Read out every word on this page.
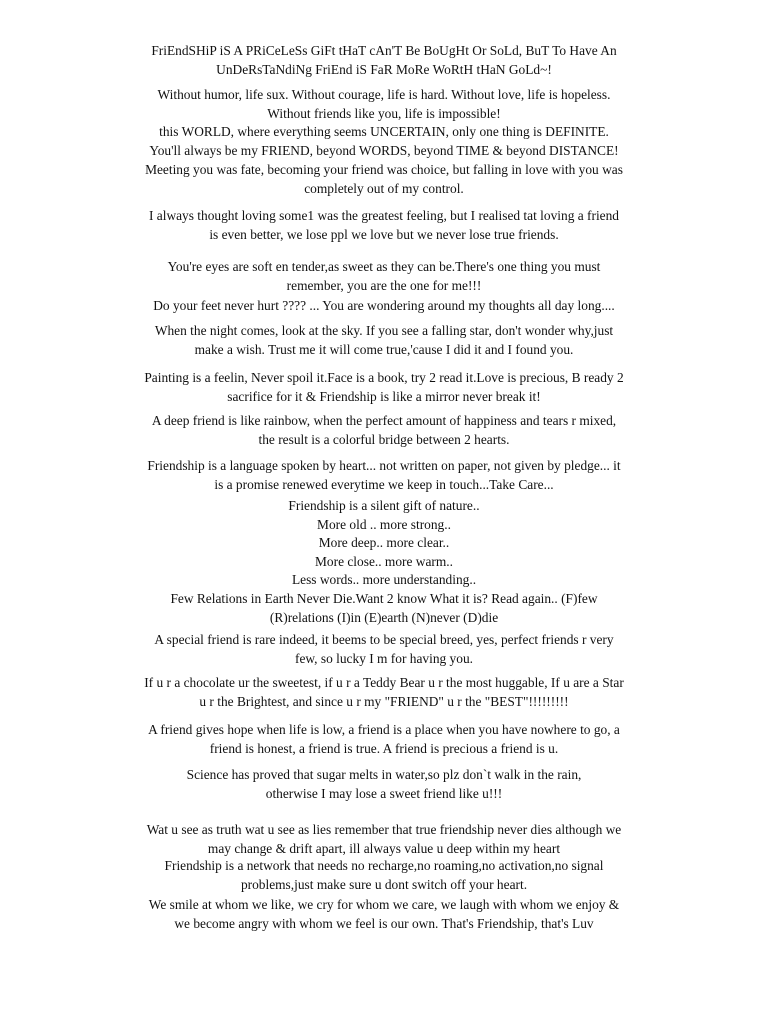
FriEndSHiP iS A PRiCeLeSs GiFt tHaT cAn'T Be BoUgHt Or SoLd, BuT To Have An
UnDeRsTaNdiNg FriEnd iS FaR MoRe WoRtH tHaN GoLd~!
Without humor, life sux. Without courage, life is hard. Without love, life is hopeless.
Without friends like you, life is impossible!
this WORLD, where everything seems UNCERTAIN, only one thing is DEFINITE.
You'll always be my FRIEND, beyond WORDS, beyond TIME & beyond DISTANCE!
Meeting you was fate, becoming your friend was choice, but falling in love with you was
completely out of my control.
I always thought loving some1 was the greatest feeling, but I realised tat loving a friend
is even better, we lose ppl we love but we never lose true friends.
You're eyes are soft en tender,as sweet as they can be.There's one thing you must
remember, you are the one for me!!!
Do your feet never hurt ???? ... You are wondering around my thoughts all day long....
When the night comes, look at the sky. If you see a falling star, don't wonder why,just
make a wish. Trust me it will come true,'cause I did it and I found you.
Painting is a feelin, Never spoil it.Face is a book, try 2 read it.Love is precious, B ready 2
sacrifice for it & Friendship is like a mirror never break it!
A deep friend is like rainbow, when the perfect amount of happiness and tears r mixed,
the result is a colorful bridge between 2 hearts.
Friendship is a language spoken by heart... not written on paper, not given by pledge... it
is a promise renewed everytime we keep in touch...Take Care...
Friendship is a silent gift of nature..
More old .. more strong..
More deep.. more clear..
More close.. more warm..
Less words.. more understanding..
Few Relations in Earth Never Die.Want 2 know What it is? Read again.. (F)few
(R)relations (I)in (E)earth (N)never (D)die
A special friend is rare indeed, it beems to be special breed, yes, perfect friends r very
few, so lucky I m for having you.
If u r a chocolate ur the sweetest, if u r a Teddy Bear u r the most huggable, If u are a Star
u r the Brightest, and since u r my "FRIEND" u r the "BEST"!!!!!!!!!
A friend gives hope when life is low, a friend is a place when you have nowhere to go, a
friend is honest, a friend is true. A friend is precious a friend is u.
Science has proved that sugar melts in water,so plz don`t walk in the rain,
otherwise I may lose a sweet friend like u!!!
Wat u see as truth wat u see as lies remember that true friendship never dies although we
may change & drift apart, ill always value u deep within my heart
Friendship is a network that needs no recharge,no roaming,no activation,no signal
problems,just make sure u dont switch off your heart.
We smile at whom we like, we cry for whom we care, we laugh with whom we enjoy &
we become angry with whom we feel is our own. That's Friendship, that's Luv
